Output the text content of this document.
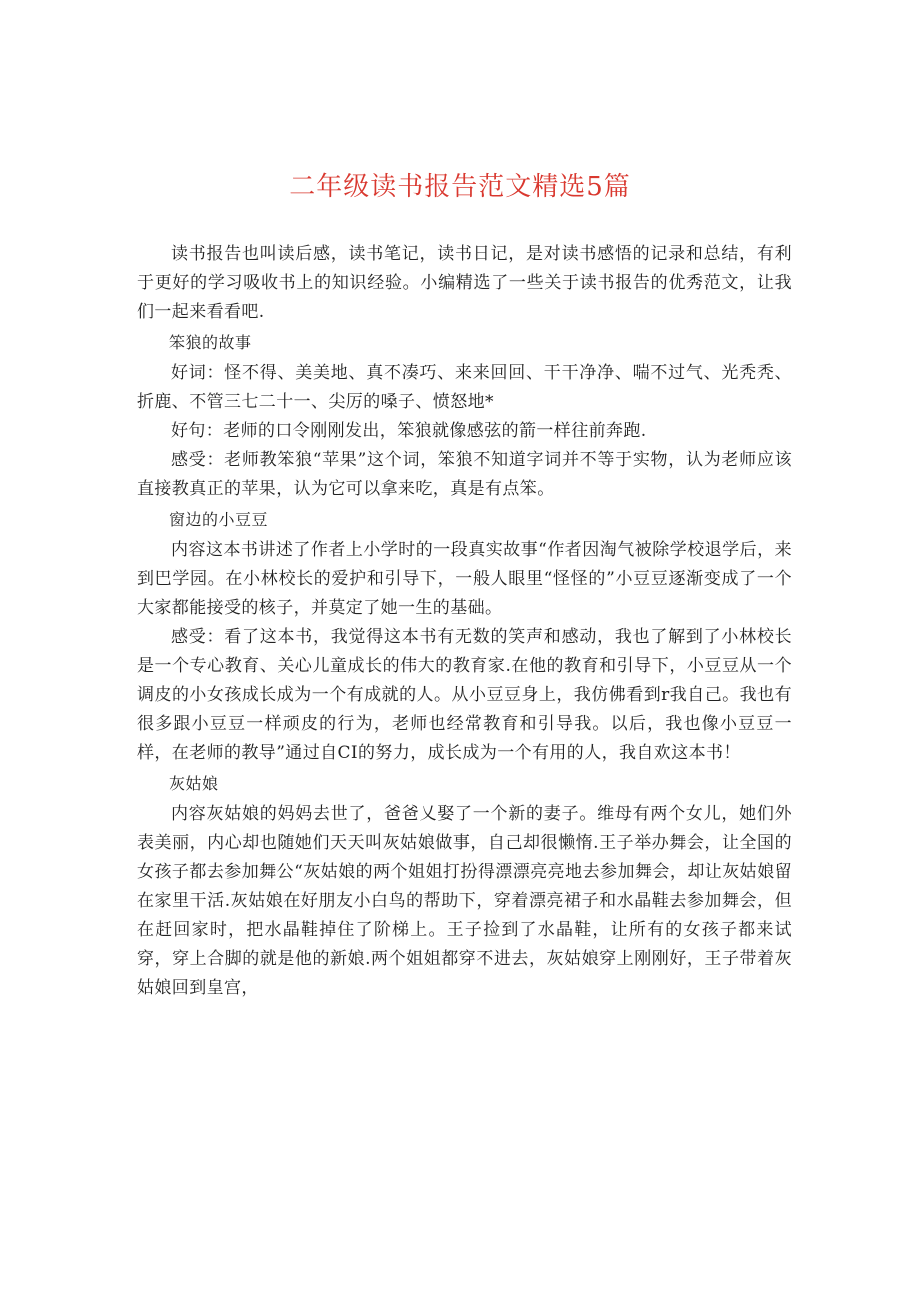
二年级读书报告范文精选5篇

读书报告也叫读后感，读书笔记，读书日记，是对读书感悟的记录和总结，有利于更好的学习吸收书上的知识经验。小编精选了一些关于读书报告的优秀范文，让我们一起来看看吧.

笨狼的故事

好词：怪不得、美美地、真不凑巧、来来回回、干干净净、喘不过气、光秃秃、折鹿、不管三七二十一、尖厉的嗓子、愤怒地*

好句：老师的口令刚刚发出，笨狼就像感弦的箭一样往前奔跑.

感受：老师教笨狼“苹果”这个词，笨狼不知道字词并不等于实物，认为老师应该直接教真正的苹果，认为它可以拿来吃，真是有点笨。

窗边的小豆豆

内容这本书讲述了作者上小学时的一段真实故事“作者因淘气被除学校退学后，来到巴学园。在小林校长的爱护和引导下，一般人眼里“怪怪的”小豆豆逐渐变成了一个大家都能接受的核子，并莫定了她一生的基础。

感受：看了这本书，我觉得这本书有无数的笑声和感动，我也了解到了小林校长是一个专心教育、关心儿童成长的伟大的教育家.在他的教育和引导下，小豆豆从一个调皮的小女孩成长成为一个有成就的人。从小豆豆身上，我仿佛看到r我自己。我也有很多跟小豆豆一样顽皮的行为，老师也经常教育和引导我。以后，我也像小豆豆一样，在老师的教导”通过自CI的努力，成长成为一个有用的人，我自欢这本书！

灰姑娘

内容灰姑娘的妈妈去世了，爸爸乂娶了一个新的妻子。维母有两个女儿，她们外表美丽，内心却也随她们天天叫灰姑娘做事，自己却很懒惰.王子举办舞会，让全国的女孩子都去参加舞公“灰姑娘的两个姐姐打扮得漂漂亮亮地去参加舞会，却让灰姑娘留在家里干活.灰姑娘在好朋友小白鸟的帮助下，穿着漂亮裙子和水晶鞋去参加舞会，但在赶回家时，把水晶鞋掉住了阶梯上。王子捡到了水晶鞋，让所有的女孩子都来试穿，穿上合脚的就是他的新娘.两个姐姐都穿不进去，灰姑娘穿上刚刚好，王子带着灰姑娘回到皇宫，
